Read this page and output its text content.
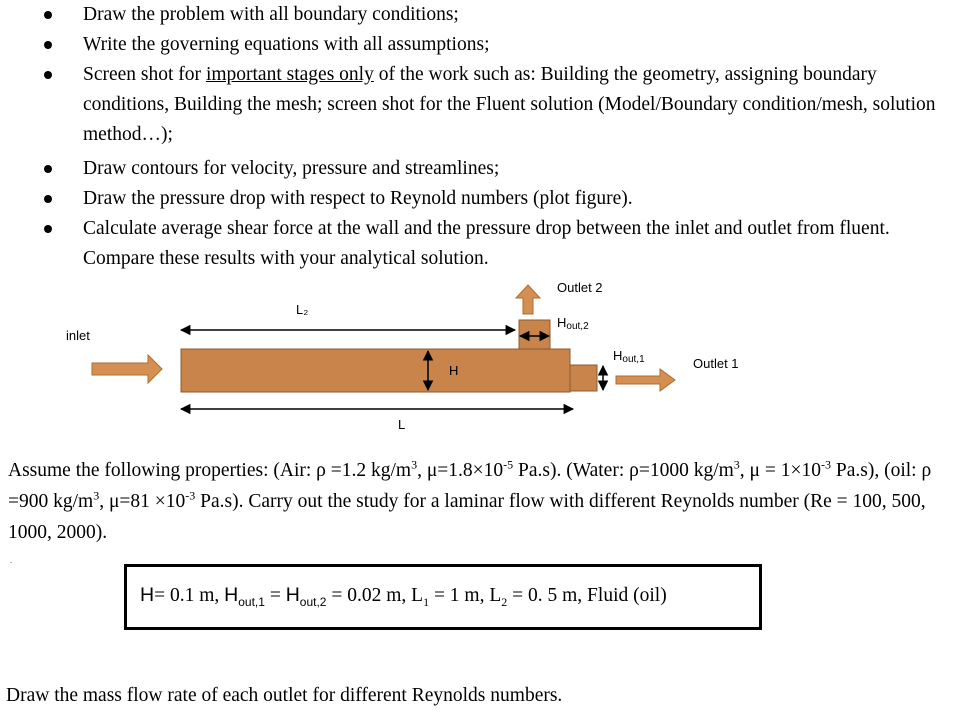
Draw the problem with all boundary conditions;
Write the governing equations with all assumptions;
Screen shot for important stages only of the work such as: Building the geometry, assigning boundary conditions, Building the mesh; screen shot for the Fluent solution (Model/Boundary condition/mesh, solution method…);
Draw contours for velocity, pressure and streamlines;
Draw the pressure drop with respect to Reynold numbers (plot figure).
Calculate average shear force at the wall and the pressure drop between the inlet and outlet from fluent. Compare these results with your analytical solution.
inlet
Outlet 2
Outlet 1
L₂
L
H
Hout,2
Hout,1
Assume the following properties: (Air: ρ =1.2 $kg/m^3$, $\mu=1.8\times 10^{-5}$ Pa.s). (Water: ρ=1000 $kg/m^3$, $\mu = 1\times 10^{-3}$ Pa.s), (oil: ρ =900 $kg/m^3$, $\mu=81 \times 10^{-3}$ Pa.s). Carry out the study for a laminar flow with different Reynolds number (Re = 100, 500, 1000, 2000).
.
H= 0.1 m, $H_{out,1} = H_{out,2} = 0.02$ m, $L_1 = 1$ m, $L_2 = 0$. 5 m, Fluid (oil)
Draw the mass flow rate of each outlet for different Reynolds numbers.
